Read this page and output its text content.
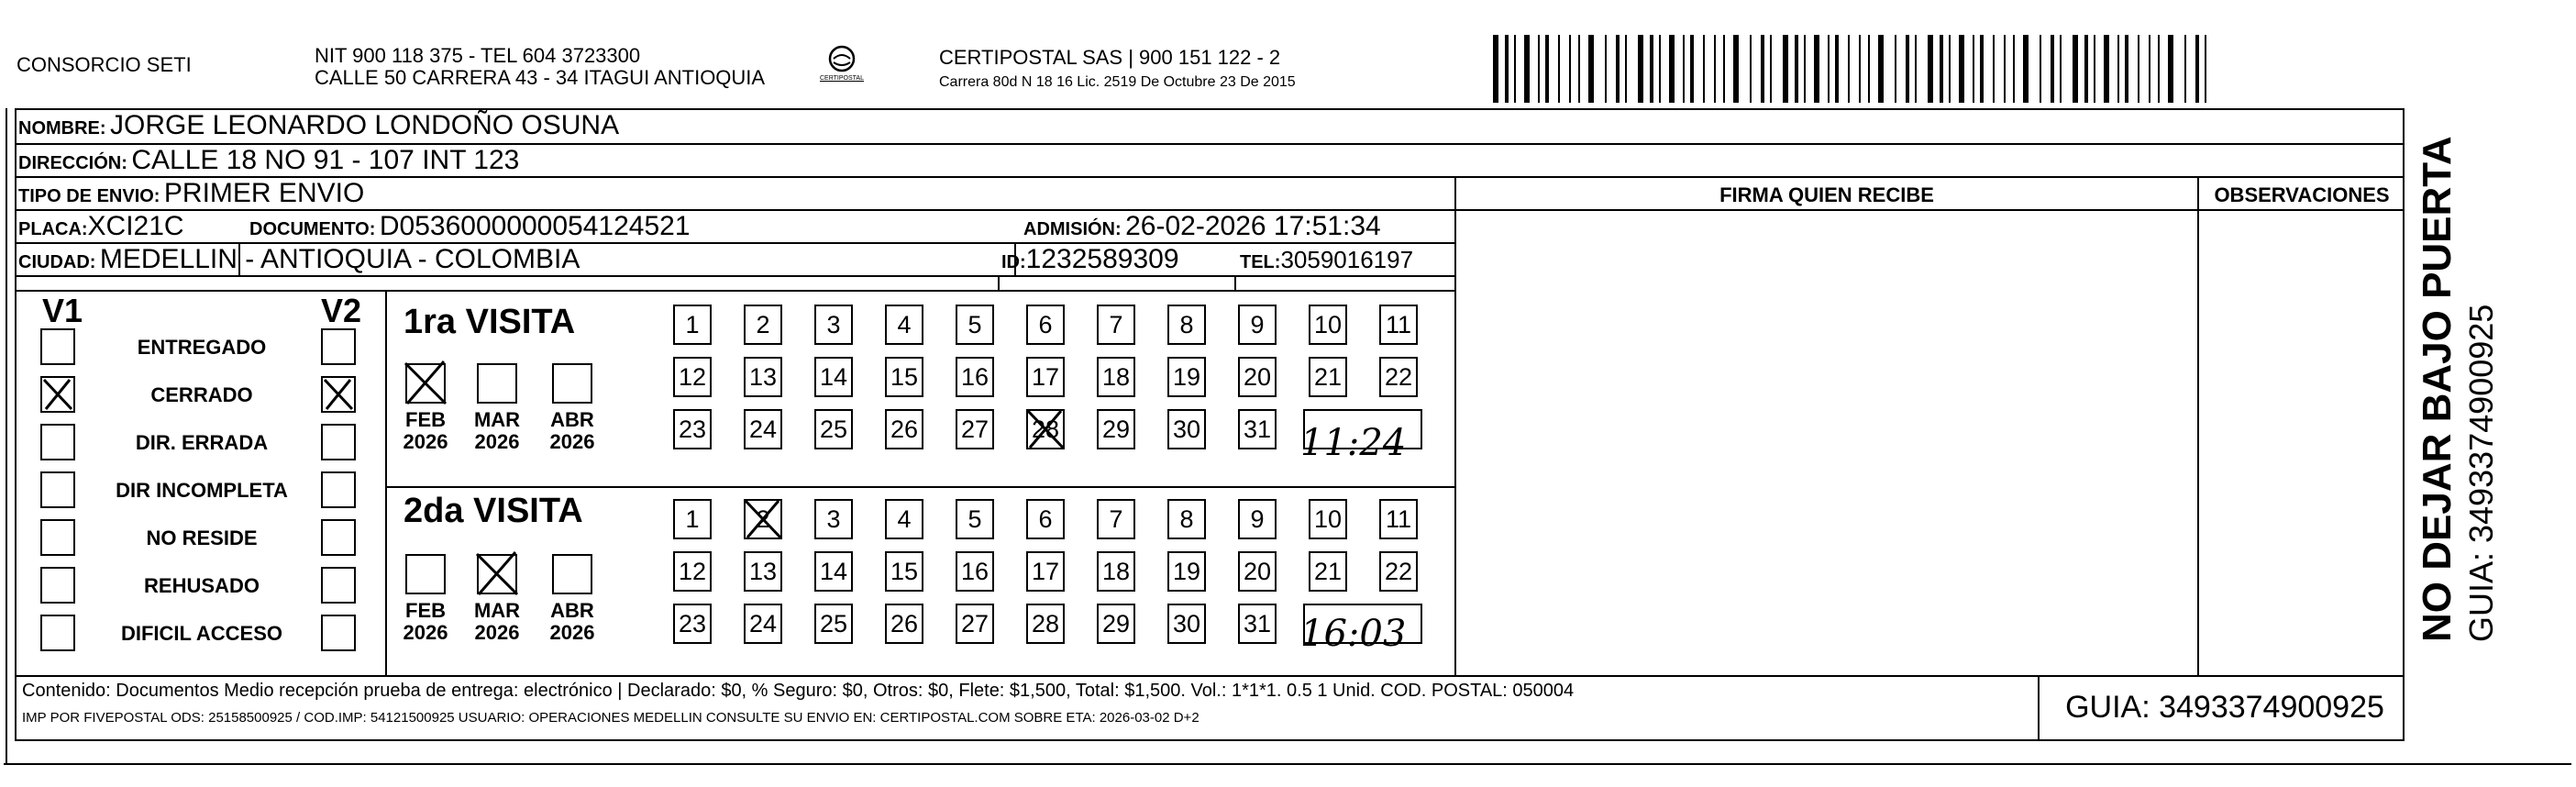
CONSORCIO SETI	NIT 900 118 375 - TEL 604 3723300
CALLE 50 CARRERA 43 - 34 ITAGUI ANTIOQUIA	CERTIPOSTAL
CERTIPOSTAL SAS | 900 151 122 - 2
Carrera 80d N 18 16 Lic. 2519 De Octubre 23 De 2015
NOMBRE: JORGE LEONARDO LONDOÑO OSUNA
DIRECCIÓN: CALLE 18 NO 91 - 107 INT 123
TIPO DE ENVIO: PRIMER ENVIO
PLACA:XCI21C	DOCUMENTO: D0536000000054124521	ADMISIÓN: 26-02-2026 17:51:34
CIUDAD: MEDELLIN - ANTIOQUIA - COLOMBIA	ID:1232589309	TEL:3059016197
FIRMA QUIEN RECIBE	OBSERVACIONES
V1	V2
ENTREGADO
CERRADO
DIR. ERRADA
DIR INCOMPLETA
NO RESIDE
REHUSADO
DIFICIL ACCESO
1ra VISITA
2da VISITA
FEB
2026
MAR
2026
ABR
2026
FEB
2026
MAR
2026
ABR
2026
1	2	3	4	5	6	7	8	9	10 11
12 13 14 15 16 17 18 19 20 21 22
23 24 25 26 27 28 29 30 31
1	2	3	4	5	6	7	8	9	10 11
12 13 14 15 16 17 18 19 20 21 22
23 24 25 26 27 28 29 30 31
11:24
16:03
Contenido: Documentos Medio recepción prueba de entrega: electrónico | Declarado: $0, % Seguro: $0, Otros: $0, Flete: $1,500, Total: $1,500. Vol.: 1*1*1. 0.5 1 Unid. COD. POSTAL: 050004
IMP POR FIVEPOSTAL ODS: 25158500925 / COD.IMP: 54121500925 USUARIO: OPERACIONES MEDELLIN CONSULTE SU ENVIO EN: CERTIPOSTAL.COM SOBRE ETA: 2026-03-02 D+2	GUIA: 3493374900925
NO DEJAR BAJO PUERTA GUIA: 3493374900925
